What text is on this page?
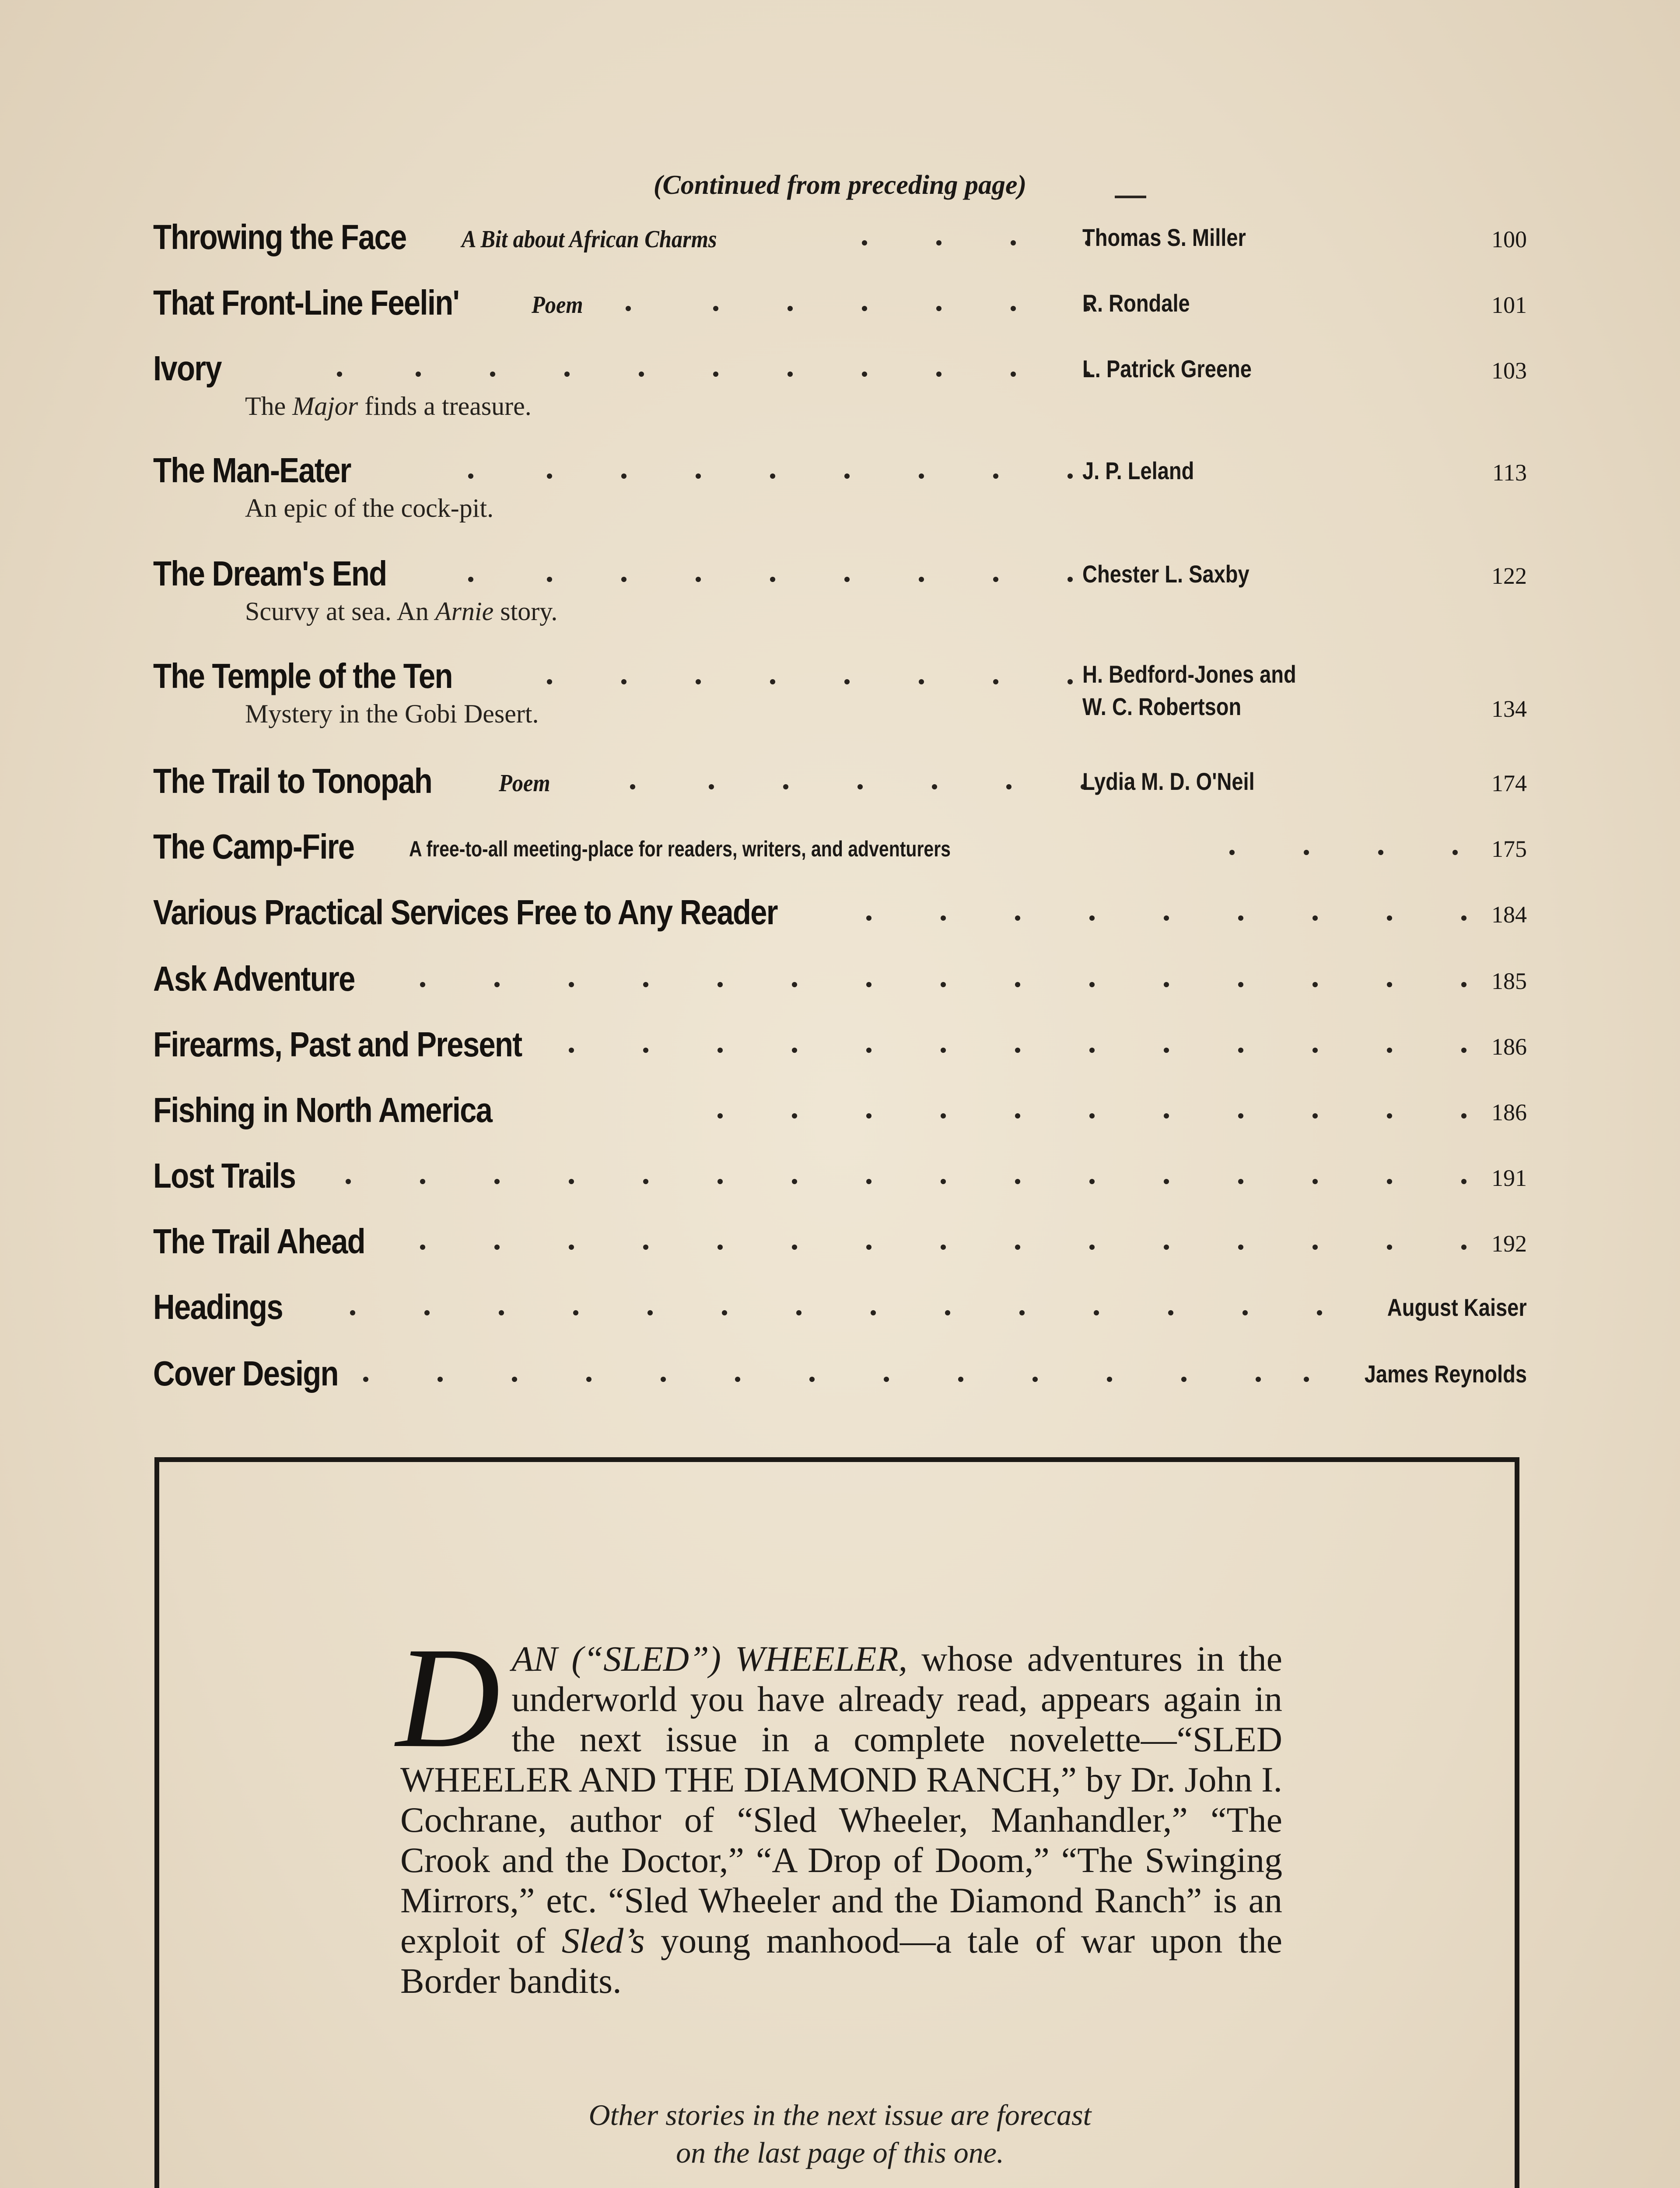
(Continued from preceding page)
Throwing the Face A Bit about African Charms	Thomas S. Miller	100
That Front-Line Feelin'	Poem	R. Rondale	101
Ivory
The Major finds a treasure.
L. Patrick Greene	103
The Man-Eater
An epic of the cock-pit.
J. P. Leland	113
The Dream's End
Scurvy at sea. An Arnie story.
Chester L. Saxby	122
The Temple of the Ten
Mystery in the Gobi Desert.
H. Bedford-Jones and
W. C. Robertson	134
The Trail to Tonopah	Poem	Lydia M. D. O'Neil	174
The Camp-Fire	A free-to-all meeting-place for readers, writers, and adventurers	175
Various Practical Services Free to Any Reader	184
Ask Adventure	185
Firearms, Past and Present	186
Fishing in North America	186
Lost Trails	191
The Trail Ahead	192
Headings	August Kaiser
Cover Design	James Reynolds
DAN (“SLED”) WHEELER, whose adventures in the underworld you have already read, appears again in the next issue in a complete novelette—“SLED WHEELER AND THE DIAMOND RANCH,” by Dr. John I. Cochrane, author of “Sled Wheeler, Manhandler,” “The Crook and the Doctor,” “A Drop of Doom,” “The Swinging Mirrors,” etc. “Sled Wheeler and the Diamond Ranch” is an exploit of Sled’s young manhood—a tale of war upon the Border bandits.
Other stories in the next issue are forecast
on the last page of this one.
